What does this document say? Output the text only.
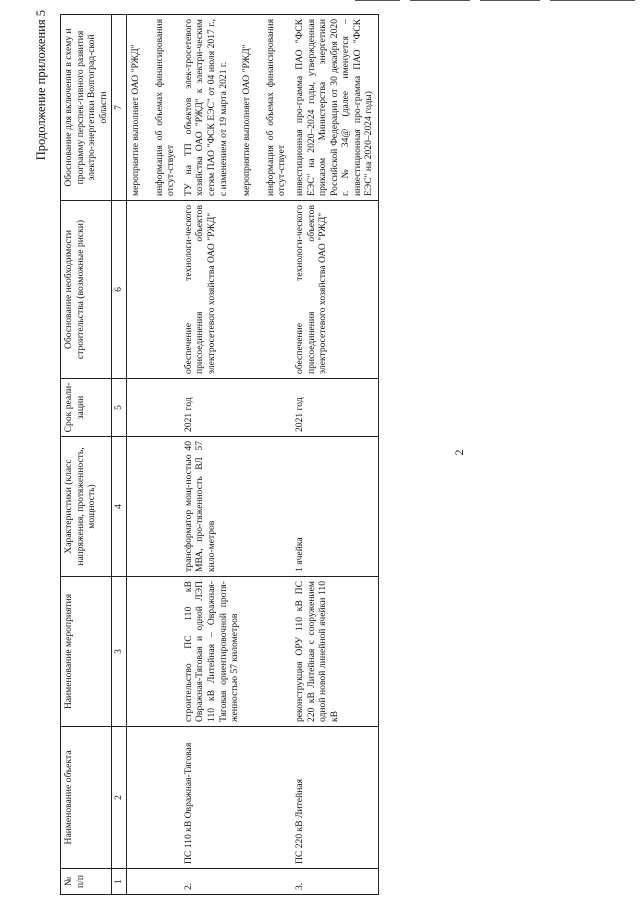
2
Продолжение приложения 5
№ п/п	Наименование объекта	Наименование мероприятия	Характеристики (класс напряжения, протяженность, мощность)	Срок реали-зации	Обоснование необходимости строительства (возможные риски)	Обоснование для включения в схему и программу перспек-тивного развития электро-энергетики Волгоград-ской области
1	2	3	4	5	6	7

						мероприятие выполняет ОАО "РЖД" информация об объемах финансирования отсут-ствует

2.	ПС 110 кВ Овражная-Тяговая	строительство ПС 110 кВ Овражная-Тяговая и одной ЛЭП 110 кВ Литейная – Овражная-Тяговая ориентировочной протя-женностью 57 километров	трансформатор мощ-ностью 40 МВА, про-тяженность ВЛ 57 кило-метров	2021 год	обеспечение технологи-ческого присоединения объектов электросетевого хозяйства ОАО "РЖД"	ТУ на ТП объектов элек-тросетевого хозяйства ОАО "РЖД" к электри-ческим сетям ПАО "ФСК ЕЭС" от 04 июля 2017 г., с изменением от 19 марта 2021 г. мероприятие выполняет ОАО "РЖД" информация об объемах финансирования отсут-ствует

3.	ПС 220 кВ Литейная	реконструкция ОРУ 110 кВ ПС 220 кВ Литейная с сооружением одной новой линейной ячейки 110 кВ	1 ячейка	2021 год	обеспечение технологи-ческого присоединения объектов электросетевого хозяйства ОАО "РЖД"	инвестиционная про-грамма ПАО "ФСК ЕЭС" на 2020–2024 годы, утвержденная приказом Министерства энергетики Российской Федерации от 30 декабря 2020 г. № 34@ (далее именуется – инвестиционная про-грамма ПАО "ФСК ЕЭС" на 2020–2024 годы)
